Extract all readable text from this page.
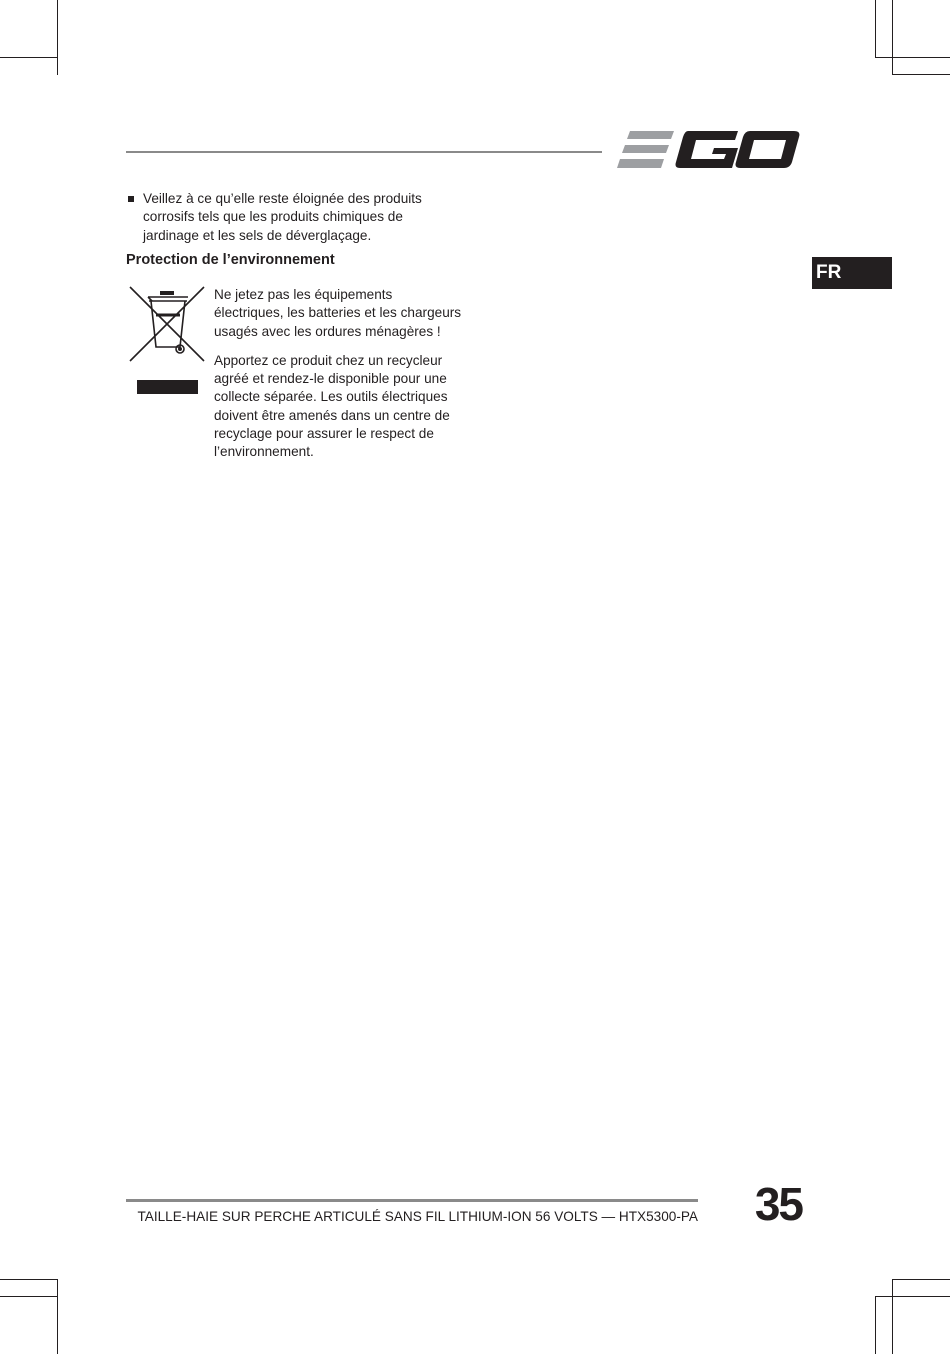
FR
Veillez à ce qu’elle reste éloignée des produits corrosifs tels que les produits chimiques de jardinage et les sels de déverglaçage.
Protection de l’environnement

Ne jetez pas les équipements électriques, les batteries et les chargeurs usagés avec les ordures ménagères !

Apportez ce produit chez un recycleur agréé et rendez-le disponible pour une collecte séparée. Les outils électriques doivent être amenés dans un centre de recyclage pour assurer le respect de l’environnement.

TAILLE-HAIE SUR PERCHE ARTICULÉ SANS FIL LITHIUM-ION 56 VOLTS — HTX5300-PA 35
